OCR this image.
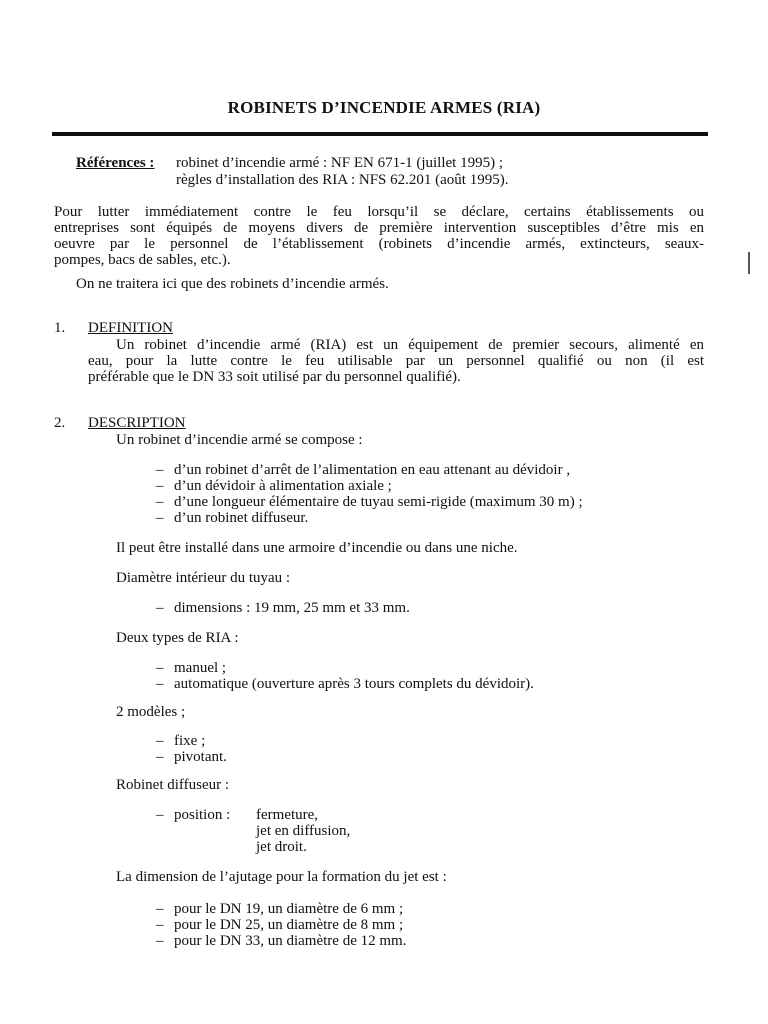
ROBINETS D’INCENDIE ARMES (RIA)
Références : robinet d’incendie armé : NF EN 671-1 (juillet 1995) ;
règles d’installation des RIA : NFS 62.201 (août 1995).
Pour lutter immédiatement contre le feu lorsqu’il se déclare, certains établissements ou
entreprises sont équipés de moyens divers de première intervention susceptibles d’être mis en
oeuvre par le personnel de l’établissement (robinets d’incendie armés, extincteurs, seaux-
pompes, bacs de sables, etc.).
On ne traitera ici que des robinets d’incendie armés.
1. DEFINITION
Un robinet d’incendie armé (RIA) est un équipement de premier secours, alimenté en
eau, pour la lutte contre le feu utilisable par un personnel qualifié ou non (il est
préférable que le DN 33 soit utilisé par du personnel qualifié).
2. DESCRIPTION
Un robinet d’incendie armé se compose :
– d’un robinet d’arrêt de l’alimentation en eau attenant au dévidoir ,
– d’un dévidoir à alimentation axiale ;
– d’une longueur élémentaire de tuyau semi-rigide (maximum 30 m) ;
– d’un robinet diffuseur.
Il peut être installé dans une armoire d’incendie ou dans une niche.
Diamètre intérieur du tuyau :
– dimensions : 19 mm, 25 mm et 33 mm.
Deux types de RIA :
– manuel ;
– automatique (ouverture après 3 tours complets du dévidoir).
2 modèles ;
– fixe ;
– pivotant.
Robinet diffuseur :
– position : fermeture,
jet en diffusion,
jet droit.
La dimension de l’ajutage pour la formation du jet est :
– pour le DN 19, un diamètre de 6 mm ;
– pour le DN 25, un diamètre de 8 mm ;
– pour le DN 33, un diamètre de 12 mm.
